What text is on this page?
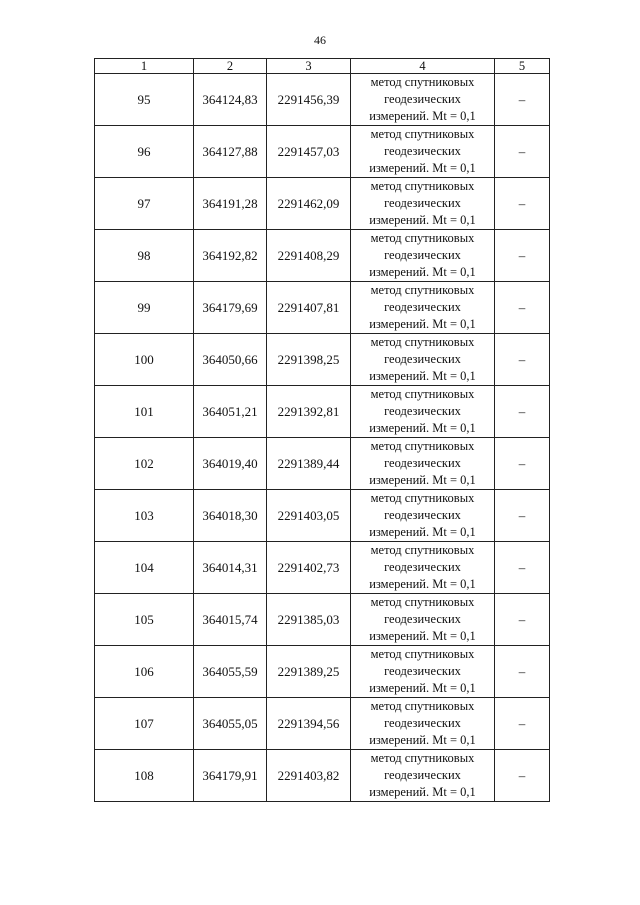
46
1	2	3	4	5
95	364124,83	2291456,39	метод спутниковых
геодезических
измерений. Mt = 0,1	–
96	364127,88	2291457,03	метод спутниковых
геодезических
измерений. Mt = 0,1	–
97	364191,28	2291462,09	метод спутниковых
геодезических
измерений. Mt = 0,1	–
98	364192,82	2291408,29	метод спутниковых
геодезических
измерений. Mt = 0,1	–
99	364179,69	2291407,81	метод спутниковых
геодезических
измерений. Mt = 0,1	–
100	364050,66	2291398,25	метод спутниковых
геодезических
измерений. Mt = 0,1	–
101	364051,21	2291392,81	метод спутниковых
геодезических
измерений. Mt = 0,1	–
102	364019,40	2291389,44	метод спутниковых
геодезических
измерений. Mt = 0,1	–
103	364018,30	2291403,05	метод спутниковых
геодезических
измерений. Mt = 0,1	–
104	364014,31	2291402,73	метод спутниковых
геодезических
измерений. Mt = 0,1	–
105	364015,74	2291385,03	метод спутниковых
геодезических
измерений. Mt = 0,1	–
106	364055,59	2291389,25	метод спутниковых
геодезических
измерений. Mt = 0,1	–
107	364055,05	2291394,56	метод спутниковых
геодезических
измерений. Mt = 0,1	–
108	364179,91	2291403,82	метод спутниковых
геодезических
измерений. Mt = 0,1	–
